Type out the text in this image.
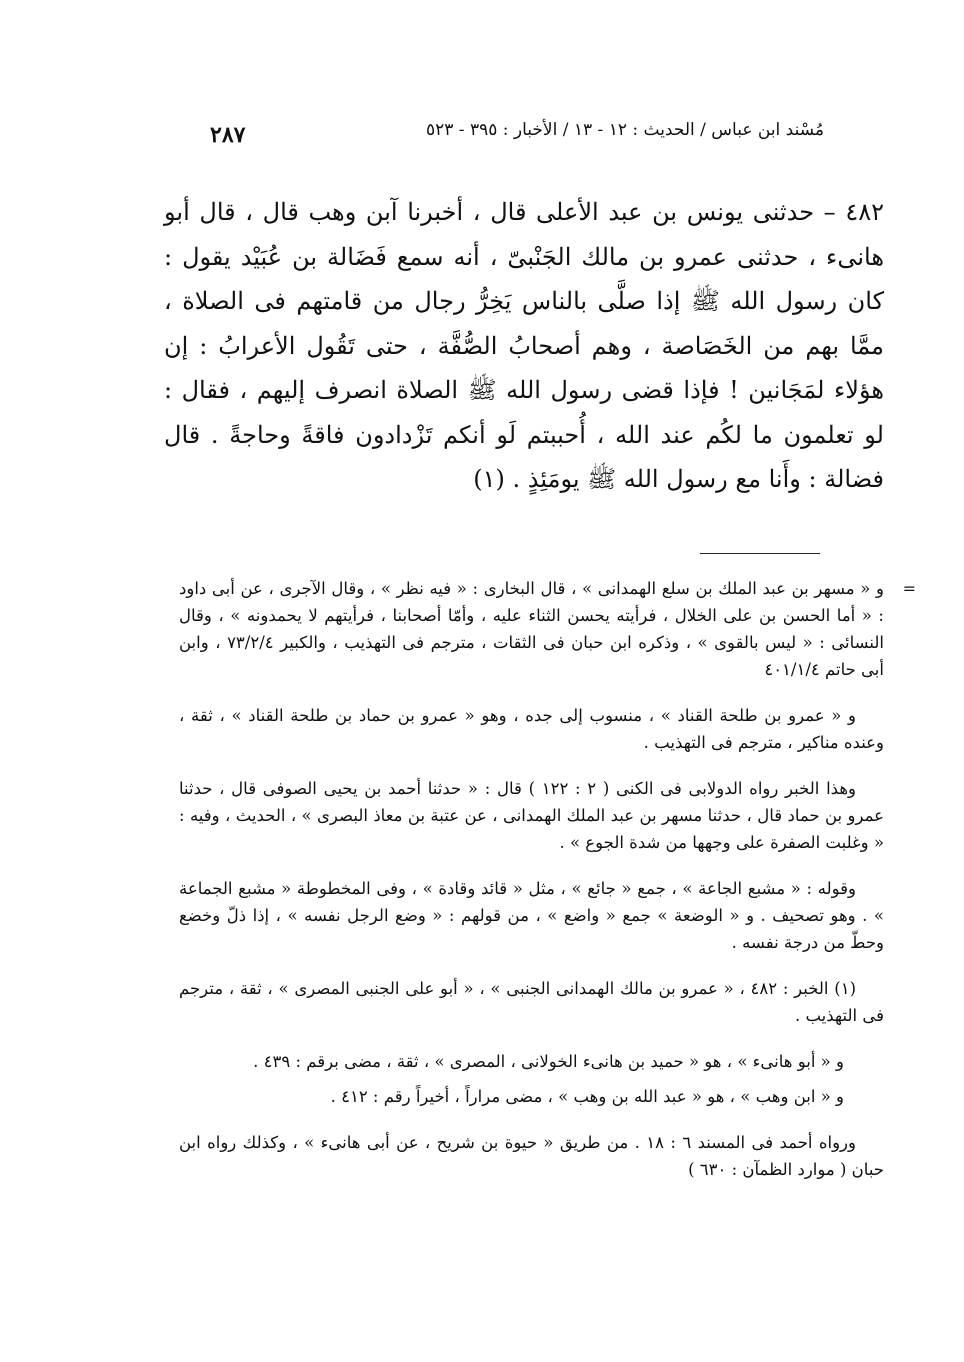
مُسْند ابن عباس / الحديث : ١٢ - ١٣ / الأخبار : ٣٩٥ - ٥٢٣
٢٨٧

٤٨٢ – حدثنى يونس بن عبد الأعلى قال ، أخبرنا آبن وهب قال ، قال أبو هانىء ، حدثنى عمرو بن مالك الجَنْبىّ ، أنه سمع فَضَالة بن عُبَيْد يقول : كان رسول الله ﷺ إذا صلَّى بالناس يَخِرُّ رجال من قامتهم فى الصلاة ، ممَّا بهم من الخَصَاصة ، وهم أصحابُ الصُّفَّة ، حتى تَقُول الأعرابُ : إن هؤلاء لمَجَانين ! فإذا قضى رسول الله ﷺ الصلاة انصرف إليهم ، فقال : لو تعلمون ما لكُم عند الله ، أُحببتم لَو أنكم تَزْدادون فاقةً وحاجةً . قال فضالة : وأَنا مع رسول الله ﷺ يومَئِذٍ . (١)

=
و « مسهر بن عبد الملك بن سلع الهمدانى » ، قال البخارى : « فيه نظر » ، وقال الآجرى ، عن أبى داود : « أما الحسن بن على الخلال ، فرأيته يحسن الثناء عليه ، وأمّا أصحابنا ، فرأيتهم لا يحمدونه » ، وقال النسائى : « ليس بالقوى » ، وذكره ابن حبان فى الثقات ، مترجم فى التهذيب ، والكبير ٧٣/٢/٤ ، وابن أبى حاتم ٤٠١/١/٤

و « عمرو بن طلحة القناد » ، منسوب إلى جده ، وهو « عمرو بن حماد بن طلحة القناد » ، ثقة ، وعنده مناكير ، مترجم فى التهذيب .

وهذا الخبر رواه الدولابى فى الكنى ( ٢ : ١٢٢ ) قال : « حدثنا أحمد بن يحيى الصوفى قال ، حدثنا عمرو بن حماد قال ، حدثنا مسهر بن عبد الملك الهمدانى ، عن عتبة بن معاذ البصرى » ، الحديث ، وفيه : « وغلبت الصفرة على وجهها من شدة الجوع » .

وقوله : « مشبع الجاعة » ، جمع « جائع » ، مثل « قائد وقادة » ، وفى المخطوطة « مشبع الجماعة » . وهو تصحيف . و « الوضعة » جمع « واضع » ، من قولهم : « وضع الرجل نفسه » ، إذا ذلّ وخضع وحطّ من درجة نفسه .

(١) الخبر : ٤٨٢ ، « عمرو بن مالك الهمدانى الجنبى » ، « أبو على الجنبى المصرى » ، ثقة ، مترجم فى التهذيب .

و « أبو هانىء » ، هو « حميد بن هانىء الخولانى ، المصرى » ، ثقة ، مضى برقم : ٤٣٩ .

و « ابن وهب » ، هو « عبد الله بن وهب » ، مضى مراراً ، أخيراً رقم : ٤١٢ .

ورواه أحمد فى المسند ٦ : ١٨ . من طريق « حيوة بن شريح ، عن أبى هانىء » ، وكذلك رواه ابن حبان ( موارد الظمآن : ٦٣٠ )
